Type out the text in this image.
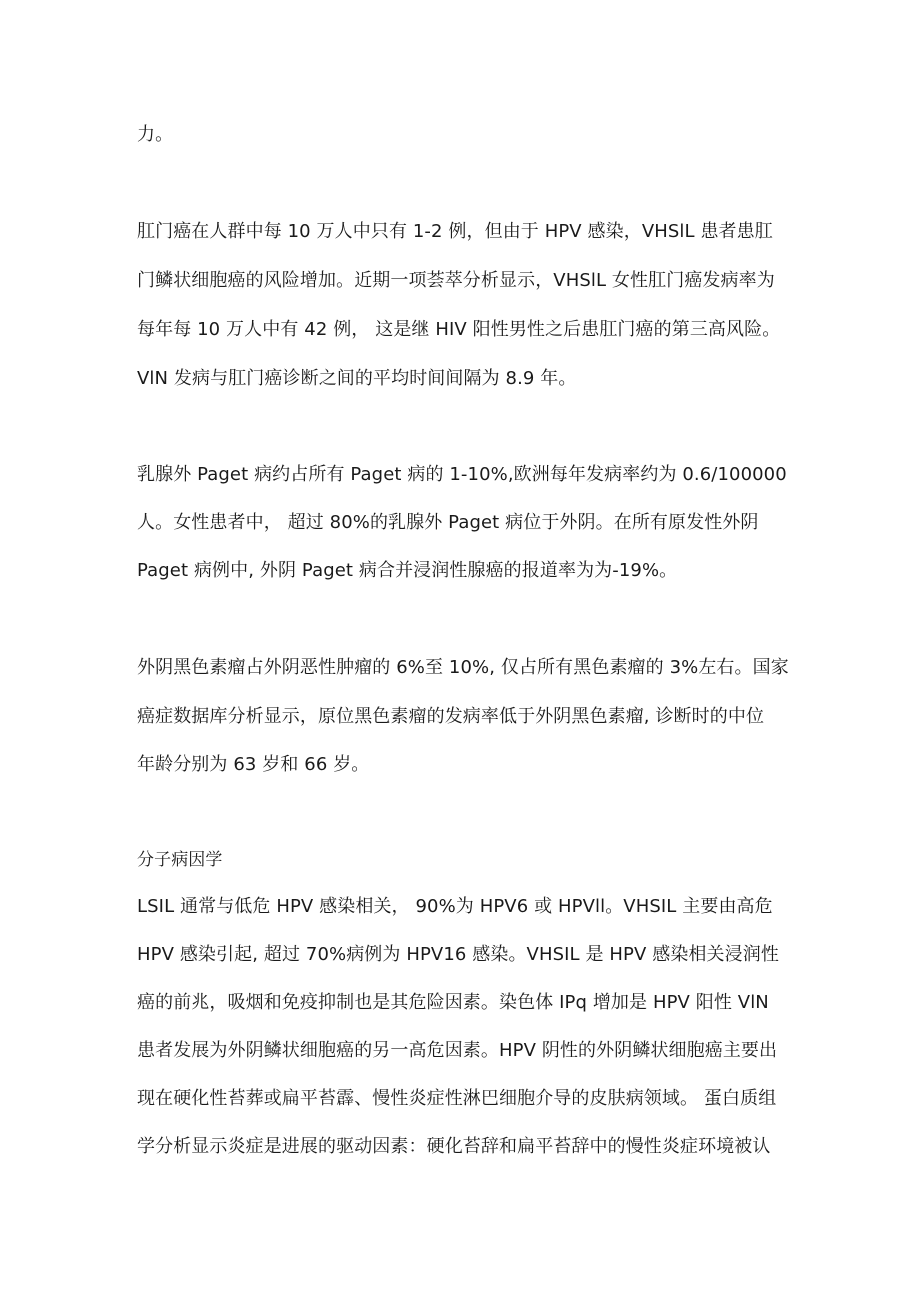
力。
肛门癌在人群中每 10 万人中只有 1-2 例，但由于 HPV 感染，VHSlL 患者患肛
门鳞状细胞癌的风险增加。近期一项荟萃分析显示，VHSlL 女性肛门癌发病率为
每年每 10 万人中有 42 例， 这是继 HIV 阳性男性之后患肛门癌的第三高风险。
VlN 发病与肛门癌诊断之间的平均时间间隔为 8.9 年。
乳腺外 Paget 病约占所有 Paget 病的 1-10%,欧洲每年发病率约为 0.6/100000
人。女性患者中， 超过 80%的乳腺外 Paget 病位于外阴。在所有原发性外阴
Paget 病例中, 外阴 Paget 病合并浸润性腺癌的报道率为为-19%。
外阴黑色素瘤占外阴恶性肿瘤的 6%至 10%, 仅占所有黑色素瘤的 3%左右。国家
癌症数据库分析显示，原位黑色素瘤的发病率低于外阴黑色素瘤, 诊断时的中位
年龄分别为 63 岁和 66 岁。
分子病因学
LSIL 通常与低危 HPV 感染相关， 90%为 HPV6 或 HPVll。VHSIL 主要由高危
HPV 感染引起, 超过 70%病例为 HPV16 感染。VHSIL 是 HPV 感染相关浸润性
癌的前兆，吸烟和免疫抑制也是其危险因素。染色体 IPq 增加是 HPV 阳性 VlN
患者发展为外阴鳞状细胞癌的另一高危因素。HPV 阴性的外阴鳞状细胞癌主要出
现在硬化性苔葬或扁平苔霹、慢性炎症性淋巴细胞介导的皮肤病领域。 蛋白质组
学分析显示炎症是进展的驱动因素：硬化苔辞和扁平苔辞中的慢性炎症环境被认
